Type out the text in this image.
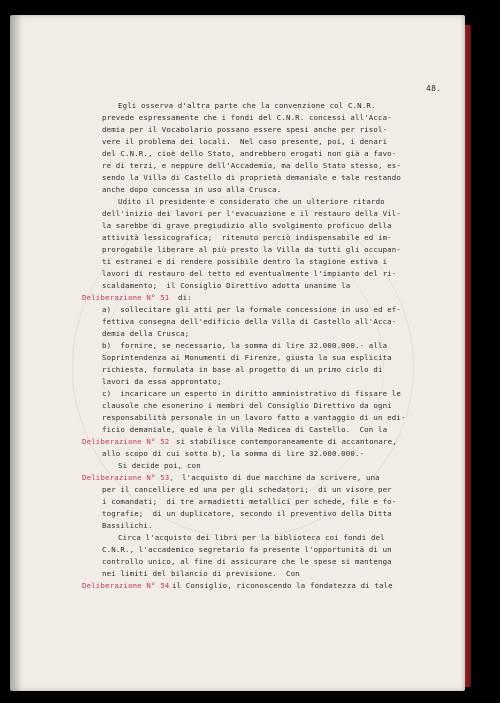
48.
Egli osserva d'altra parte che la convenzione col C.N.R.
prevede espressamente che i fondi del C.N.R. concessi all'Acca-
demia per il Vocabolario possano essere spesi anche per risol-
vere il problema dei locali.  Nel caso presente, poi, i denari
del C.N.R., cioè dello Stato, andrebbero erogati non già a favo-
re di terzi, e neppure dell'Accademia, ma dello Stato stesso, es-
sendo la Villa di Castello di proprietà demaniale e tale restando
anche dopo concessa in uso alla Crusca.
Udito il presidente e considerato che un ulteriore ritardo
dell'inizio dei lavori per l'evacuazione e il restauro della Vil-
la sarebbe di grave pregiudizio allo svolgimento proficuo della
attività lessicografica;  ritenuto perciò indispensabile ed im-
prorogabile liberare al più presto la Villa da tutti gli occupan-
ti estranei e di rendere possibile dentro la stagione estiva i
lavori di restauro del tetto ed eventualmente l'impianto del ri-
scaldamento;  il Consiglio Direttivo adotta unanime la
Deliberazione N° 51 di:
a)  sollecitare gli atti per la formale concessione in uso ed ef-
fettiva consegna dell'edificio della Villa di Castello all'Acca-
demia della Crusca;
b)  fornire, se necessario, la somma di lire 32.000.000.- alla
Soprintendenza ai Monumenti di Firenze, giusta la sua esplicita
richiesta, formulata in base al progetto di un primo ciclo di
lavori da essa approntato;
c)  incaricare un esperto in diritto amministrativo di fissare le
clausole che esonerino i membri del Consiglio Direttivo da ogni
responsabilità personale in un lavoro fatto a vantaggio di un edi-
ficio demaniale, quale è la Villa Medicea di Castello.  Con la
Deliberazione N° 52 si stabilisce contemporaneamente di accantonare,
allo scopo di cui sotto b), la somma di lire 32.000.000.-
Si decide poi, con
Deliberazione N° 53, l'acquisto di due macchine da scrivere, una
per il cancelliere ed una per gli schedatori;  di un visore per
i comandati;  di tre armadietti metallici per schede, file e fo-
tografie;  di un duplicatore, secondo il preventivo della Ditta
Bassilichi.
Circa l'acquisto dei libri per la biblioteca coi fondi del
C.N.R., l'accademico segretario fa presente l'opportunità di un
controllo unico, al fine di assicurare che le spese si mantenga
nei limiti del bilancio di previsione.  Con
Deliberazione N° 54 il Consiglio, riconoscendo la fondatezza di tale
